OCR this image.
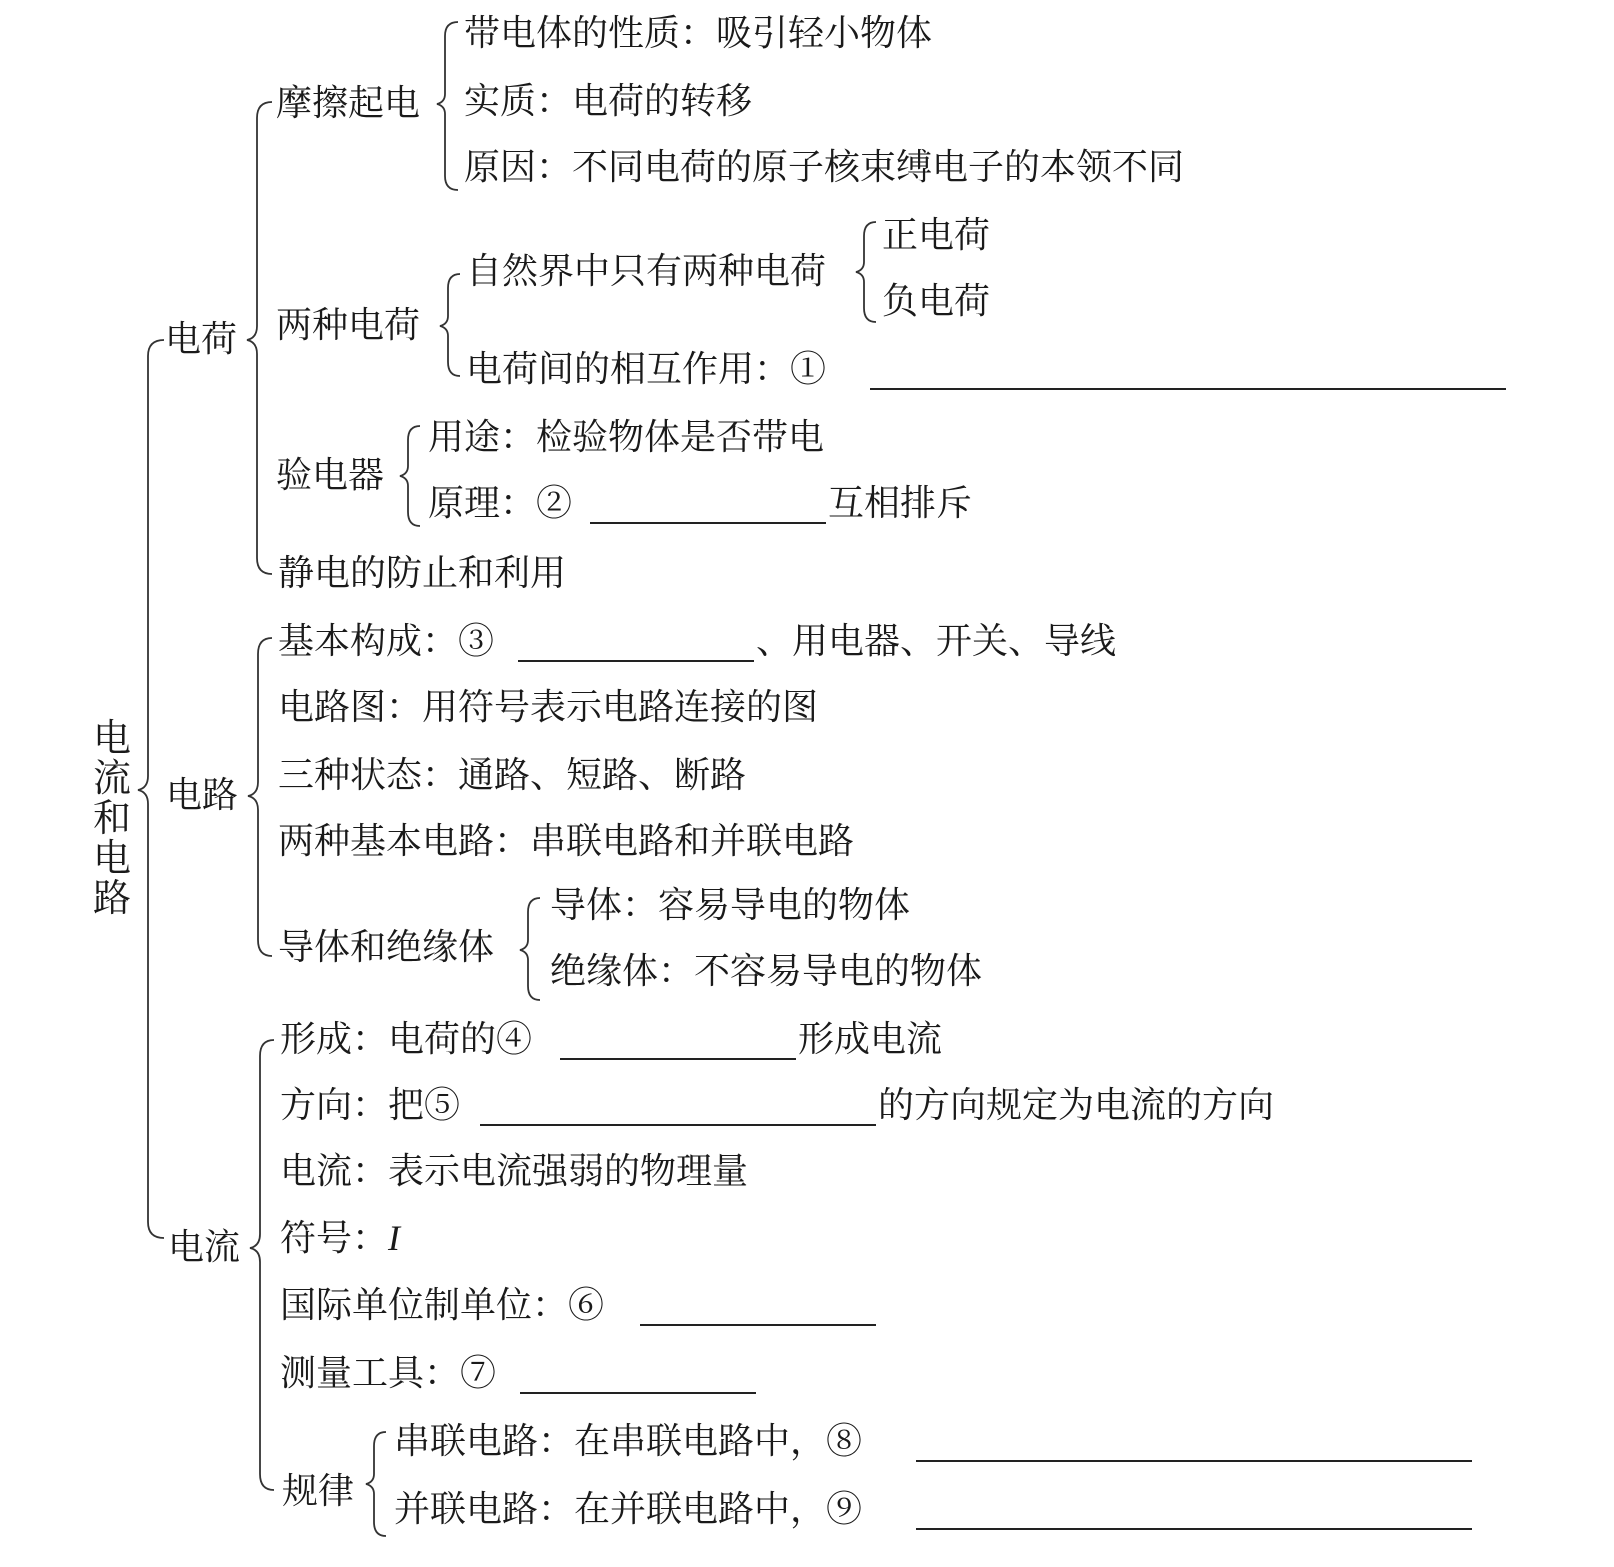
电流和电路
电荷
摩擦起电
带电体的性质：吸引轻小物体
实质：电荷的转移
原因：不同电荷的原子核束缚电子的本领不同
两种电荷
自然界中只有两种电荷
正电荷
负电荷
电荷间的相互作用：①
验电器
用途：检验物体是否带电
原理：②	互相排斥
静电的防止和利用
电路
基本构成：③	、用电器、开关、导线
电路图：用符号表示电路连接的图
三种状态：通路、短路、断路
两种基本电路：串联电路和并联电路
导体和绝缘体
导体：容易导电的物体
绝缘体：不容易导电的物体
电流
形成：电荷的④	形成电流
方向：把⑤	的方向规定为电流的方向
电流：表示电流强弱的物理量
符号：I
国际单位制单位：⑥
测量工具：⑦
规律
串联电路：在串联电路中，⑧
并联电路：在并联电路中，⑨
